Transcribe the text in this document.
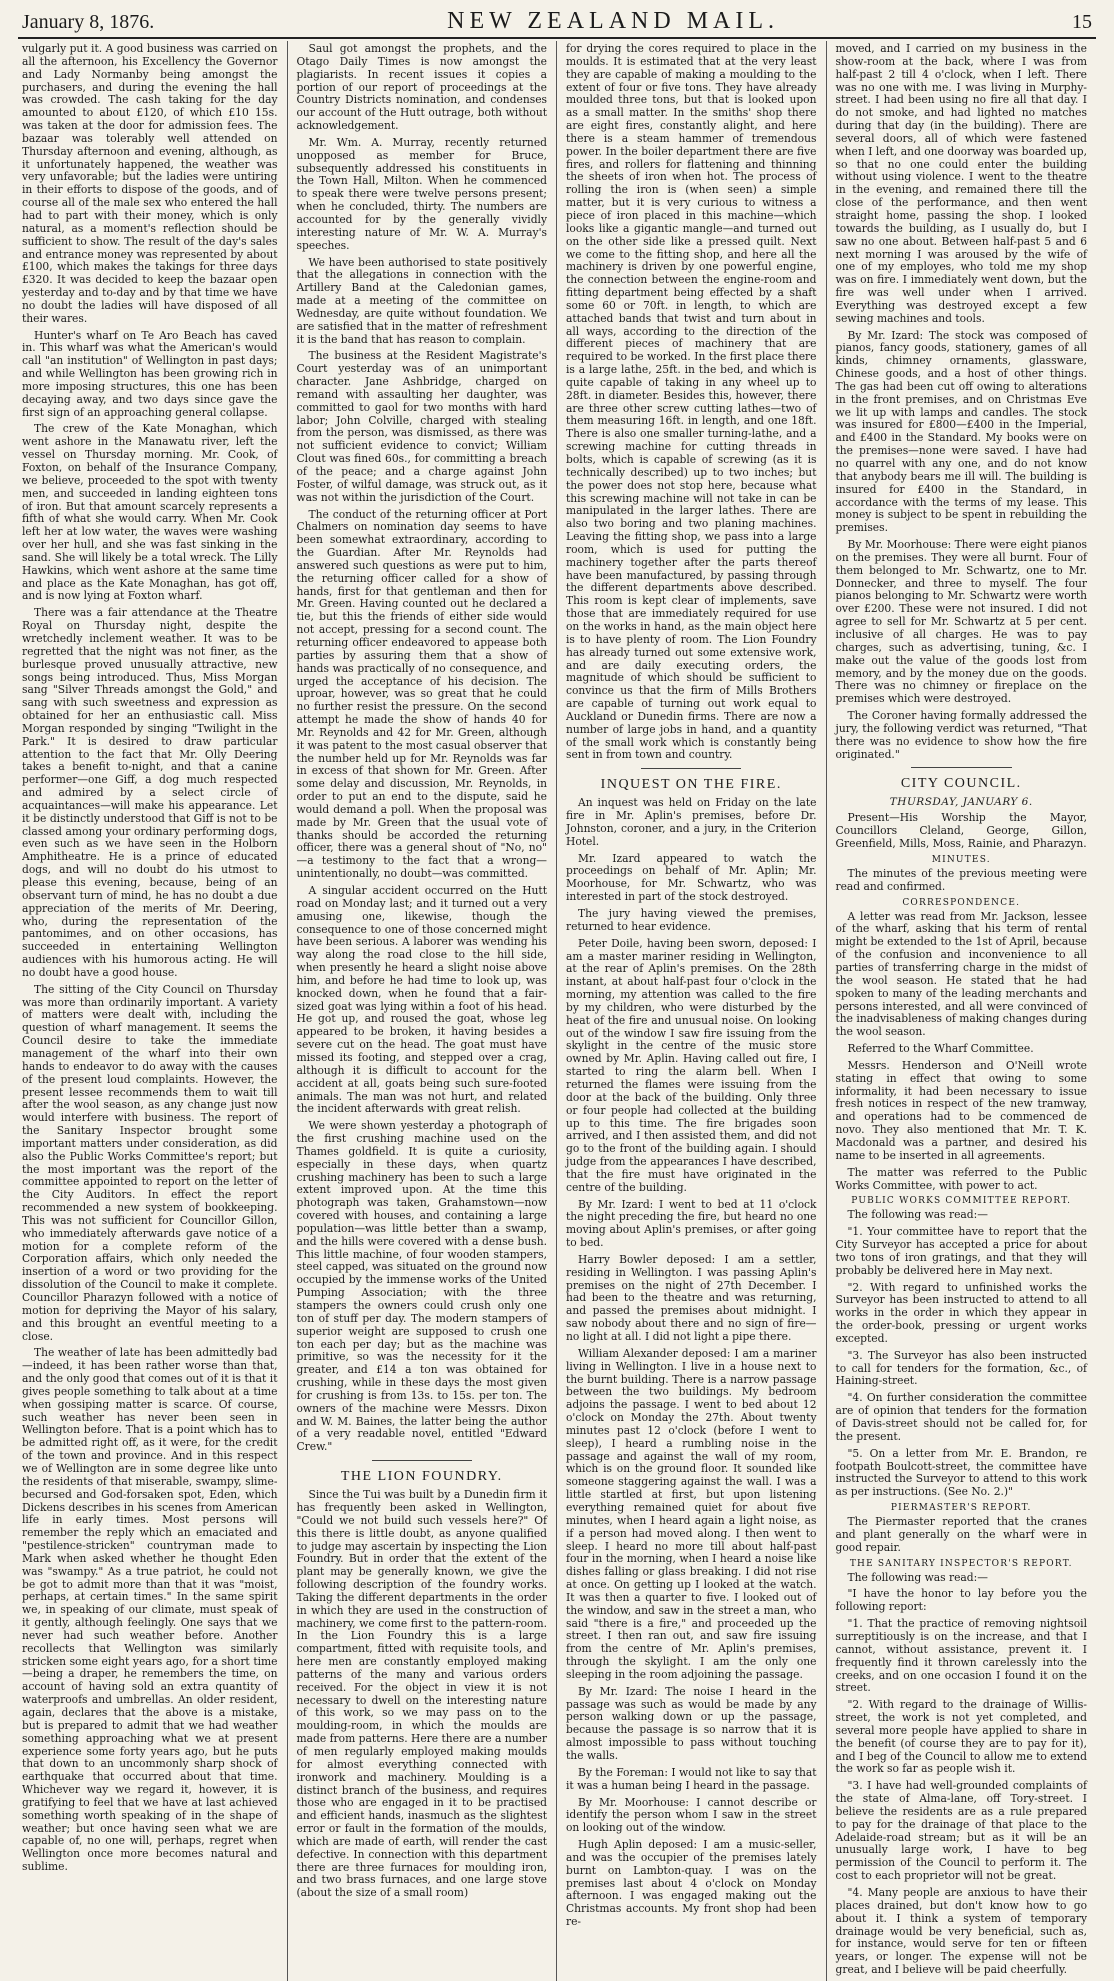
January 8, 1876.	NEW ZEALAND MAIL.	15

vulgarly put it. A good business was carried on all the afternoon, his Excellency the Governor and Lady Normanby being amongst the purchasers, and during the evening the hall was crowded. The cash taking for the day amounted to about £120, of which £10 15s. was taken at the door for admission fees. The bazaar was tolerably well attended on Thursday afternoon and evening, although, as it unfortunately happened, the weather was very unfavorable; but the ladies were untiring in their efforts to dispose of the goods, and of course all of the male sex who entered the hall had to part with their money, which is only natural, as a moment's reflection should be sufficient to show. The result of the day's sales and entrance money was represented by about £100, which makes the takings for three days £320. It was decided to keep the bazaar open yesterday and to-day and by that time we have no doubt the ladies will have disposed of all their wares.

Hunter's wharf on Te Aro Beach has caved in. This wharf was what the American's would call "an institution" of Wellington in past days; and while Wellington has been growing rich in more imposing structures, this one has been decaying away, and two days since gave the first sign of an approaching general collapse.

The crew of the Kate Monaghan, which went ashore in the Manawatu river, left the vessel on Thursday morning. Mr. Cook, of Foxton, on behalf of the Insurance Company, we believe, proceeded to the spot with twenty men, and succeeded in landing eighteen tons of iron. But that amount scarcely represents a fifth of what she would carry. When Mr. Cook left her at low water, the waves were washing over her hull, and she was fast sinking in the sand. She will likely be a total wreck. The Lilly Hawkins, which went ashore at the same time and place as the Kate Monaghan, has got off, and is now lying at Foxton wharf.

There was a fair attendance at the Theatre Royal on Thursday night, despite the wretchedly inclement weather. It was to be regretted that the night was not finer, as the burlesque proved unusually attractive, new songs being introduced. Thus, Miss Morgan sang "Silver Threads amongst the Gold," and sang with such sweetness and expression as obtained for her an enthusiastic call. Miss Morgan responded by singing "Twilight in the Park." It is desired to draw particular attention to the fact that Mr. Olly Deering takes a benefit to-night, and that a canine performer—one Giff, a dog much respected and admired by a select circle of acquaintances—will make his appearance. Let it be distinctly understood that Giff is not to be classed among your ordinary performing dogs, even such as we have seen in the Holborn Amphitheatre. He is a prince of educated dogs, and will no doubt do his utmost to please this evening, because, being of an observant turn of mind, he has no doubt a due appreciation of the merits of Mr. Deering, who, during the representation of the pantomimes, and on other occasions, has succeeded in entertaining Wellington audiences with his humorous acting. He will no doubt have a good house.

The sitting of the City Council on Thursday was more than ordinarily important. A variety of matters were dealt with, including the question of wharf management. It seems the Council desire to take the immediate management of the wharf into their own hands to endeavor to do away with the causes of the present loud complaints. However, the present lessee recommends them to wait till after the wool season, as any change just now would interfere with business. The report of the Sanitary Inspector brought some important matters under consideration, as did also the Public Works Committee's report; but the most important was the report of the committee appointed to report on the letter of the City Auditors. In effect the report recommended a new system of bookkeeping. This was not sufficient for Councillor Gillon, who immediately afterwards gave notice of a motion for a complete reform of the Corporation affairs, which only needed the insertion of a word or two providing for the dissolution of the Council to make it complete. Councillor Pharazyn followed with a notice of motion for depriving the Mayor of his salary, and this brought an eventful meeting to a close.

The weather of late has been admittedly bad—indeed, it has been rather worse than that, and the only good that comes out of it is that it gives people something to talk about at a time when gossiping matter is scarce. Of course, such weather has never been seen in Wellington before. That is a point which has to be admitted right off, as it were, for the credit of the town and province. And in this respect we of Wellington are in some degree like unto the residents of that miserable, swampy, slime-becursed and God-forsaken spot, Eden, which Dickens describes in his scenes from American life in early times. Most persons will remember the reply which an emaciated and "pestilence-stricken" countryman made to Mark when asked whether he thought Eden was "swampy." As a true patriot, he could not be got to admit more than that it was "moist, perhaps, at certain times." In the same spirit we, in speaking of our climate, must speak of it gently, although feelingly. One says that we never had such weather before. Another recollects that Wellington was similarly stricken some eight years ago, for a short time—being a draper, he remembers the time, on account of having sold an extra quantity of waterproofs and umbrellas. An older resident, again, declares that the above is a mistake, but is prepared to admit that we had weather something approaching what we at present experience some forty years ago, but he puts that down to an uncommonly sharp shock of earthquake that occurred about that time. Whichever way we regard it, however, it is gratifying to feel that we have at last achieved something worth speaking of in the shape of weather; but once having seen what we are capable of, no one will, perhaps, regret when Wellington once more becomes natural and sublime.

Saul got amongst the prophets, and the Otago Daily Times is now amongst the plagiarists. In recent issues it copies a portion of our report of proceedings at the Country Districts nomination, and condenses our account of the Hutt outrage, both without acknowledgement.

Mr. Wm. A. Murray, recently returned unopposed as member for Bruce, subsequently addressed his constituents in the Town Hall, Milton. When he commenced to speak there were twelve persons present; when he concluded, thirty. The numbers are accounted for by the generally vividly interesting nature of Mr. W. A. Murray's speeches.

We have been authorised to state positively that the allegations in connection with the Artillery Band at the Caledonian games, made at a meeting of the committee on Wednesday, are quite without foundation. We are satisfied that in the matter of refreshment it is the band that has reason to complain.

The business at the Resident Magistrate's Court yesterday was of an unimportant character. Jane Ashbridge, charged on remand with assaulting her daughter, was committed to gaol for two months with hard labor; John Colville, charged with stealing from the person, was dismissed, as there was not sufficient evidence to convict; William Clout was fined 60s., for committing a breach of the peace; and a charge against John Foster, of wilful damage, was struck out, as it was not within the jurisdiction of the Court.

The conduct of the returning officer at Port Chalmers on nomination day seems to have been somewhat extraordinary, according to the Guardian. After Mr. Reynolds had answered such questions as were put to him, the returning officer called for a show of hands, first for that gentleman and then for Mr. Green. Having counted out he declared a tie, but this the friends of either side would not accept, pressing for a second count. The returning officer endeavored to appease both parties by assuring them that a show of hands was practically of no consequence, and urged the acceptance of his decision. The uproar, however, was so great that he could no further resist the pressure. On the second attempt he made the show of hands 40 for Mr. Reynolds and 42 for Mr. Green, although it was patent to the most casual observer that the number held up for Mr. Reynolds was far in excess of that shown for Mr. Green. After some delay and discussion, Mr. Reynolds, in order to put an end to the dispute, said he would demand a poll. When the proposal was made by Mr. Green that the usual vote of thanks should be accorded the returning officer, there was a general shout of "No, no" —a testimony to the fact that a wrong—unintentionally, no doubt—was committed.

A singular accident occurred on the Hutt road on Monday last; and it turned out a very amusing one, likewise, though the consequence to one of those concerned might have been serious. A laborer was wending his way along the road close to the hill side, when presently he heard a slight noise above him, and before he had time to look up, was knocked down, when he found that a fair-sized goat was lying within a foot of his head. He got up, and roused the goat, whose leg appeared to be broken, it having besides a severe cut on the head. The goat must have missed its footing, and stepped over a crag, although it is difficult to account for the accident at all, goats being such sure-footed animals. The man was not hurt, and related the incident afterwards with great relish.

We were shown yesterday a photograph of the first crushing machine used on the Thames goldfield. It is quite a curiosity, especially in these days, when quartz crushing machinery has been to such a large extent improved upon. At the time this photograph was taken, Grahamstown—now covered with houses, and containing a large population—was little better than a swamp, and the hills were covered with a dense bush. This little machine, of four wooden stampers, steel capped, was situated on the ground now occupied by the immense works of the United Pumping Association; with the three stampers the owners could crush only one ton of stuff per day. The modern stampers of superior weight are supposed to crush one ton each per day; but as the machine was primitive, so was the necessity for it the greater, and £14 a ton was obtained for crushing, while in these days the most given for crushing is from 13s. to 15s. per ton. The owners of the machine were Messrs. Dixon and W. M. Baines, the latter being the author of a very readable novel, entitled "Edward Crew."

THE LION FOUNDRY.

Since the Tui was built by a Dunedin firm it has frequently been asked in Wellington, "Could we not build such vessels here?" Of this there is little doubt, as anyone qualified to judge may ascertain by inspecting the Lion Foundry. But in order that the extent of the plant may be generally known, we give the following description of the foundry works. Taking the different departments in the order in which they are used in the construction of machinery, we come first to the pattern-room. In the Lion Foundry this is a large compartment, fitted with requisite tools, and here men are constantly employed making patterns of the many and various orders received. For the object in view it is not necessary to dwell on the interesting nature of this work, so we may pass on to the moulding-room, in which the moulds are made from patterns. Here there are a number of men regularly employed making moulds for almost everything connected with ironwork and machinery. Moulding is a distinct branch of the business, and requires those who are engaged in it to be practised and efficient hands, inasmuch as the slightest error or fault in the formation of the moulds, which are made of earth, will render the cast defective. In connection with this department there are three furnaces for moulding iron, and two brass furnaces, and one large stove (about the size of a small room)

for drying the cores required to place in the moulds. It is estimated that at the very least they are capable of making a moulding to the extent of four or five tons. They have already moulded three tons, but that is looked upon as a small matter. In the smiths' shop there are eight fires, constantly alight, and here there is a steam hammer of tremendous power. In the boiler department there are five fires, and rollers for flattening and thinning the sheets of iron when hot. The process of rolling the iron is (when seen) a simple matter, but it is very curious to witness a piece of iron placed in this machine—which looks like a gigantic mangle—and turned out on the other side like a pressed quilt. Next we come to the fitting shop, and here all the machinery is driven by one powerful engine, the connection between the engine-room and fitting department being effected by a shaft some 60 or 70ft. in length, to which are attached bands that twist and turn about in all ways, according to the direction of the different pieces of machinery that are required to be worked. In the first place there is a large lathe, 25ft. in the bed, and which is quite capable of taking in any wheel up to 28ft. in diameter. Besides this, however, there are three other screw cutting lathes—two of them measuring 16ft. in length, and one 18ft. There is also one smaller turning-lathe, and a screwing machine for cutting threads in bolts, which is capable of screwing (as it is technically described) up to two inches; but the power does not stop here, because what this screwing machine will not take in can be manipulated in the larger lathes. There are also two boring and two planing machines. Leaving the fitting shop, we pass into a large room, which is used for putting the machinery together after the parts thereof have been manufactured, by passing through the different departments above described. This room is kept clear of implements, save those that are immediately required for use on the works in hand, as the main object here is to have plenty of room. The Lion Foundry has already turned out some extensive work, and are daily executing orders, the magnitude of which should be sufficient to convince us that the firm of Mills Brothers are capable of turning out work equal to Auckland or Dunedin firms. There are now a number of large jobs in hand, and a quantity of the small work which is constantly being sent in from town and country.

INQUEST ON THE FIRE.

An inquest was held on Friday on the late fire in Mr. Aplin's premises, before Dr. Johnston, coroner, and a jury, in the Criterion Hotel.

Mr. Izard appeared to watch the proceedings on behalf of Mr. Aplin; Mr. Moorhouse, for Mr. Schwartz, who was interested in part of the stock destroyed.

The jury having viewed the premises, returned to hear evidence.

Peter Doile, having been sworn, deposed: I am a master mariner residing in Wellington, at the rear of Aplin's premises. On the 28th instant, at about half-past four o'clock in the morning, my attention was called to the fire by my children, who were disturbed by the heat of the fire and unusual noise. On looking out of the window I saw fire issuing from the skylight in the centre of the music store owned by Mr. Aplin. Having called out fire, I started to ring the alarm bell. When I returned the flames were issuing from the door at the back of the building. Only three or four people had collected at the building up to this time. The fire brigades soon arrived, and I then assisted them, and did not go to the front of the building again. I should judge from the appearances I have described, that the fire must have originated in the centre of the building.

By Mr. Izard: I went to bed at 11 o'clock the night preceding the fire, but heard no one moving about Aplin's premises, or after going to bed.

Harry Bowler deposed: I am a settler, residing in Wellington. I was passing Aplin's premises on the night of 27th December. I had been to the theatre and was returning, and passed the premises about midnight. I saw nobody about there and no sign of fire—no light at all. I did not light a pipe there.

William Alexander deposed: I am a mariner living in Wellington. I live in a house next to the burnt building. There is a narrow passage between the two buildings. My bedroom adjoins the passage. I went to bed about 12 o'clock on Monday the 27th. About twenty minutes past 12 o'clock (before I went to sleep), I heard a rumbling noise in the passage and against the wall of my room, which is on the ground floor. It sounded like someone staggering against the wall. I was a little startled at first, but upon listening everything remained quiet for about five minutes, when I heard again a light noise, as if a person had moved along. I then went to sleep. I heard no more till about half-past four in the morning, when I heard a noise like dishes falling or glass breaking. I did not rise at once. On getting up I looked at the watch. It was then a quarter to five. I looked out of the window, and saw in the street a man, who said "there is a fire," and proceeded up the street. I then ran out, and saw fire issuing from the centre of Mr. Aplin's premises, through the skylight. I am the only one sleeping in the room adjoining the passage.

By Mr. Izard: The noise I heard in the passage was such as would be made by any person walking down or up the passage, because the passage is so narrow that it is almost impossible to pass without touching the walls.

By the Foreman: I would not like to say that it was a human being I heard in the passage.

By Mr. Moorhouse: I cannot describe or identify the person whom I saw in the street on looking out of the window.

Hugh Aplin deposed: I am a music-seller, and was the occupier of the premises lately burnt on Lambton-quay. I was on the premises last about 4 o'clock on Monday afternoon. I was engaged making out the Christmas accounts. My front shop had been re-

moved, and I carried on my business in the show-room at the back, where I was from half-past 2 till 4 o'clock, when I left. There was no one with me. I was living in Murphy-street. I had been using no fire all that day. I do not smoke, and had lighted no matches during that day (in the building). There are several doors, all of which were fastened when I left, and one doorway was boarded up, so that no one could enter the building without using violence. I went to the theatre in the evening, and remained there till the close of the performance, and then went straight home, passing the shop. I looked towards the building, as I usually do, but I saw no one about. Between half-past 5 and 6 next morning I was aroused by the wife of one of my employes, who told me my shop was on fire. I immediately went down, but the fire was well under when I arrived. Everything was destroyed except a few sewing machines and tools.

By Mr. Izard: The stock was composed of pianos, fancy goods, stationery, games of all kinds, chimney ornaments, glassware, Chinese goods, and a host of other things. The gas had been cut off owing to alterations in the front premises, and on Christmas Eve we lit up with lamps and candles. The stock was insured for £800—£400 in the Imperial, and £400 in the Standard. My books were on the premises—none were saved. I have had no quarrel with any one, and do not know that anybody bears me ill will. The building is insured for £400 in the Standard, in accordance with the terms of my lease. This money is subject to be spent in rebuilding the premises.

By Mr. Moorhouse: There were eight pianos on the premises. They were all burnt. Four of them belonged to Mr. Schwartz, one to Mr. Donnecker, and three to myself. The four pianos belonging to Mr. Schwartz were worth over £200. These were not insured. I did not agree to sell for Mr. Schwartz at 5 per cent. inclusive of all charges. He was to pay charges, such as advertising, tuning, &c. I make out the value of the goods lost from memory, and by the money due on the goods. There was no chimney or fireplace on the premises which were destroyed.

The Coroner having formally addressed the jury, the following verdict was returned, "That there was no evidence to show how the fire originated."

CITY COUNCIL.
THURSDAY, JANUARY 6.

Present—His Worship the Mayor, Councillors Cleland, George, Gillon, Greenfield, Mills, Moss, Rainie, and Pharazyn.

MINUTES.

The minutes of the previous meeting were read and confirmed.

CORRESPONDENCE.

A letter was read from Mr. Jackson, lessee of the wharf, asking that his term of rental might be extended to the 1st of April, because of the confusion and inconvenience to all parties of transferring charge in the midst of the wool season. He stated that he had spoken to many of the leading merchants and persons interested, and all were convinced of the inadvisableness of making changes during the wool season.

Referred to the Wharf Committee.

Messrs. Henderson and O'Neill wrote stating in effect that owing to some informality, it had been necessary to issue fresh notices in respect of the new tramway, and operations had to be commenced de novo. They also mentioned that Mr. T. K. Macdonald was a partner, and desired his name to be inserted in all agreements.

The matter was referred to the Public Works Committee, with power to act.

PUBLIC WORKS COMMITTEE REPORT.

The following was read:—

"1. Your committee have to report that the City Surveyor has accepted a price for about two tons of iron gratings, and that they will probably be delivered here in May next.

"2. With regard to unfinished works the Surveyor has been instructed to attend to all works in the order in which they appear in the order-book, pressing or urgent works excepted.

"3. The Surveyor has also been instructed to call for tenders for the formation, &c., of Haining-street.

"4. On further consideration the committee are of opinion that tenders for the formation of Davis-street should not be called for, for the present.

"5. On a letter from Mr. E. Brandon, re footpath Boulcott-street, the committee have instructed the Surveyor to attend to this work as per instructions. (See No. 2.)"

PIERMASTER'S REPORT.

The Piermaster reported that the cranes and plant generally on the wharf were in good repair.

THE SANITARY INSPECTOR'S REPORT.

The following was read:—

"I have the honor to lay before you the following report:

"1. That the practice of removing nightsoil surreptitiously is on the increase, and that I cannot, without assistance, prevent it. I frequently find it thrown carelessly into the creeks, and on one occasion I found it on the street.

"2. With regard to the drainage of Willis-street, the work is not yet completed, and several more people have applied to share in the benefit (of course they are to pay for it), and I beg of the Council to allow me to extend the work so far as people wish it.

"3. I have had well-grounded complaints of the state of Alma-lane, off Tory-street. I believe the residents are as a rule prepared to pay for the drainage of that place to the Adelaide-road stream; but as it will be an unusually large work, I have to beg permission of the Council to perform it. The cost to each proprietor will not be great.

"4. Many people are anxious to have their places drained, but don't know how to go about it. I think a system of temporary drainage would be very beneficial, such as, for instance, would serve for ten or fifteen years, or longer. The expense will not be great, and I believe will be paid cheerfully.
